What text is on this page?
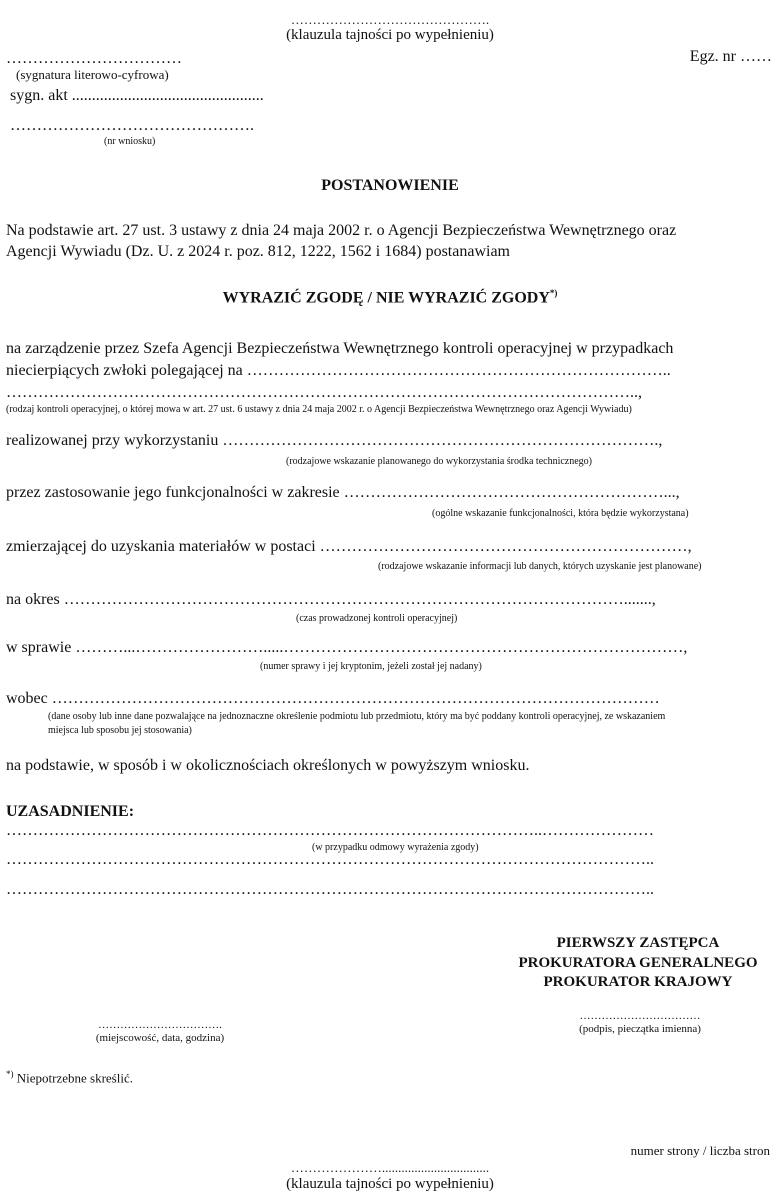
……………………………………….
(klauzula tajności po wypełnieniu)
Egz. nr ……
……………………………
(sygnatura literowo-cyfrowa)
sygn. akt ................................................
……………………………………….
(nr wniosku)
POSTANOWIENIE
Na podstawie art. 27 ust. 3 ustawy z dnia 24 maja 2002 r. o Agencji Bezpieczeństwa Wewnętrznego oraz
Agencji Wywiadu (Dz. U. z 2024 r. poz. 812, 1222, 1562 i 1684) postanawiam
WYRAZIĆ ZGODĘ / NIE WYRAZIĆ ZGODY*)
na zarządzenie przez Szefa Agencji Bezpieczeństwa Wewnętrznego kontroli operacyjnej w przypadkach
niecierpiących zwłoki polegającej na ……………………………………………………………………..
………………………………………………………………………………………………………..,
(rodzaj kontroli operacyjnej, o której mowa w art. 27 ust. 6 ustawy z dnia 24 maja 2002 r. o Agencji Bezpieczeństwa Wewnętrznego oraz Agencji Wywiadu)
realizowanej przy wykorzystaniu ……………………………………………………………………….,
(rodzajowe wskazanie planowanego do wykorzystania środka technicznego)
przez zastosowanie jego funkcjonalności w zakresie ……………………………………………………...,
(ogólne wskazanie funkcjonalności, która będzie wykorzystana)
zmierzającej do uzyskania materiałów w postaci ……………………………………………………………,
(rodzajowe wskazanie informacji lub danych, których uzyskanie jest planowane)
na okres …………………………………………………………………………………………….......,
(czas prowadzonej kontroli operacyjnej)
w sprawie ………...…………………….....…………………………………………………………………,
(numer sprawy i jej kryptonim, jeżeli został jej nadany)
wobec ……………………………………………………………………………………………………
(dane osoby lub inne dane pozwalające na jednoznaczne określenie podmiotu lub przedmiotu, który ma być poddany kontroli operacyjnej, ze wskazaniem
miejsca lub sposobu jej stosowania)
na podstawie, w sposób i w okolicznościach określonych w powyższym wniosku.
UZASADNIENIE:
………………………………………………………………………………………..…………………
(w przypadku odmowy wyrażenia zgody)
…………………………………………………………………………………………………………..
…………………………………………………………………………………………………………..
PIERWSZY ZASTĘPCA
PROKURATORA GENERALNEGO
PROKURATOR KRAJOWY
……………………………
(podpis, pieczątka imienna)
…………………………….
(miejscowość, data, godzina)
*) Niepotrzebne skreślić.
numer strony / liczba stron
………………….................................
(klauzula tajności po wypełnieniu)
